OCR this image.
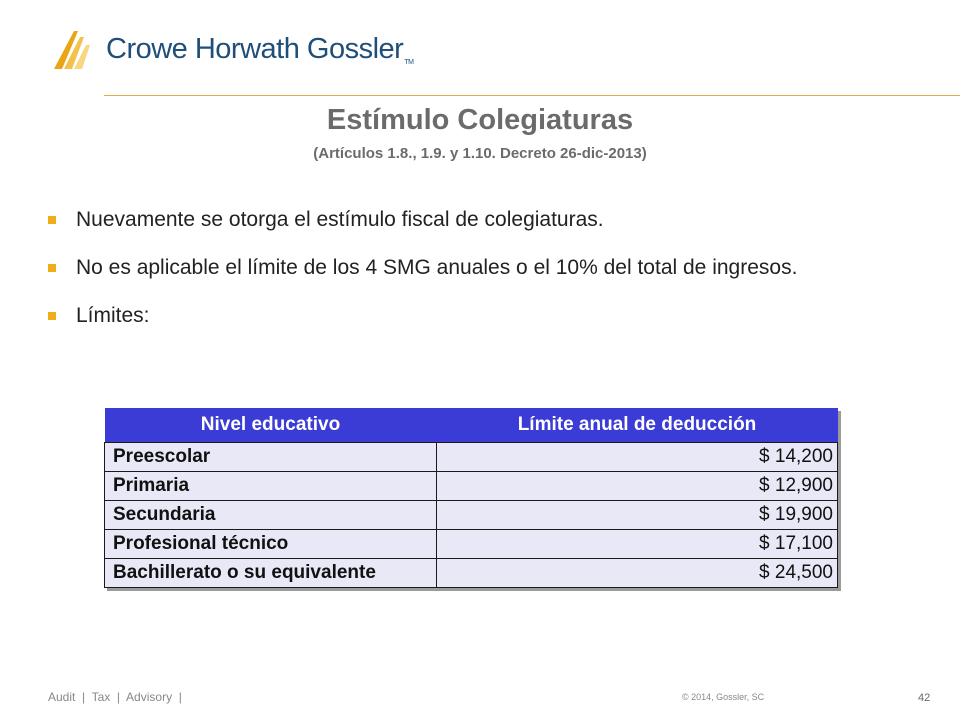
Crowe Horwath GosslerTM
Estímulo Colegiaturas
(Artículos 1.8., 1.9. y 1.10. Decreto 26-dic-2013)
Nuevamente se otorga el estímulo fiscal de colegiaturas.
No es aplicable el límite de los 4 SMG anuales o el 10% del total de ingresos.
Límites:
Nivel educativo	Límite anual de deducción
Preescolar	$ 14,200
Primaria	$ 12,900
Secundaria	$ 19,900
Profesional técnico	$ 17,100
Bachillerato o su equivalente	$ 24,500
Audit  |  Tax  |  Advisory  |	© 2014, Gossler, SC	42
